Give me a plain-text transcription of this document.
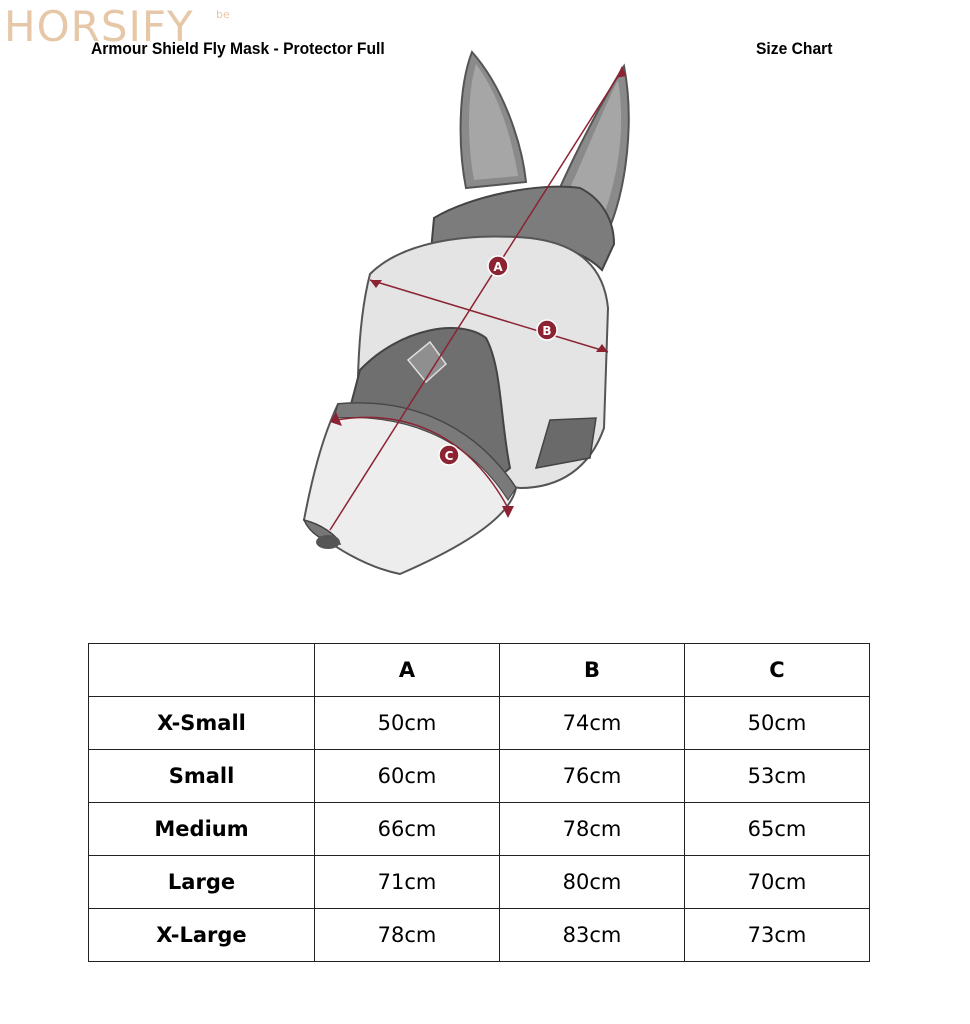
HORSIFY be
Armour Shield Fly Mask - Protector Full	Size Chart
A
B
C
	A	B	C
X-Small	50cm	74cm	50cm
Small	60cm	76cm	53cm
Medium	66cm	78cm	65cm
Large	71cm	80cm	70cm
X-Large	78cm	83cm	73cm
